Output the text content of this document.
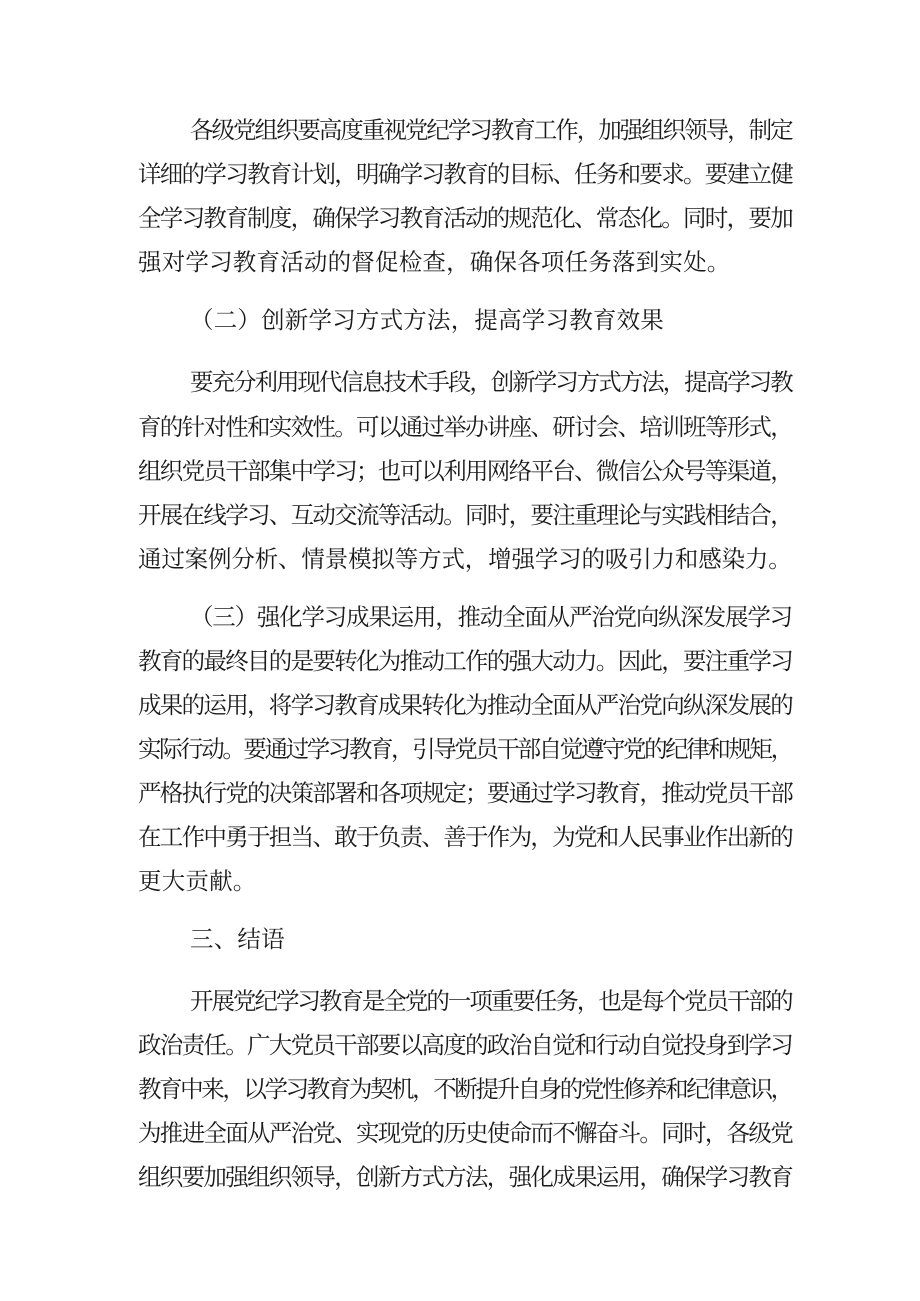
各级党组织要高度重视党纪学习教育工作，加强组织领导，制定
详细的学习教育计划，明确学习教育的目标、任务和要求。要建立健
全学习教育制度，确保学习教育活动的规范化、常态化。同时，要加
强对学习教育活动的督促检查，确保各项任务落到实处。
（二）创新学习方式方法，提高学习教育效果
要充分利用现代信息技术手段，创新学习方式方法，提高学习教
育的针对性和实效性。可以通过举办讲座、研讨会、培训班等形式，
组织党员干部集中学习；也可以利用网络平台、微信公众号等渠道，
开展在线学习、互动交流等活动。同时，要注重理论与实践相结合，
通过案例分析、情景模拟等方式，增强学习的吸引力和感染力。
（三）强化学习成果运用，推动全面从严治党向纵深发展学习
教育的最终目的是要转化为推动工作的强大动力。因此，要注重学习
成果的运用，将学习教育成果转化为推动全面从严治党向纵深发展的
实际行动。要通过学习教育，引导党员干部自觉遵守党的纪律和规矩，
严格执行党的决策部署和各项规定；要通过学习教育，推动党员干部
在工作中勇于担当、敢于负责、善于作为，为党和人民事业作出新的
更大贡献。
三、结语
开展党纪学习教育是全党的一项重要任务，也是每个党员干部的
政治责任。广大党员干部要以高度的政治自觉和行动自觉投身到学习
教育中来，以学习教育为契机，不断提升自身的党性修养和纪律意识，
为推进全面从严治党、实现党的历史使命而不懈奋斗。同时，各级党
组织要加强组织领导，创新方式方法，强化成果运用，确保学习教育
